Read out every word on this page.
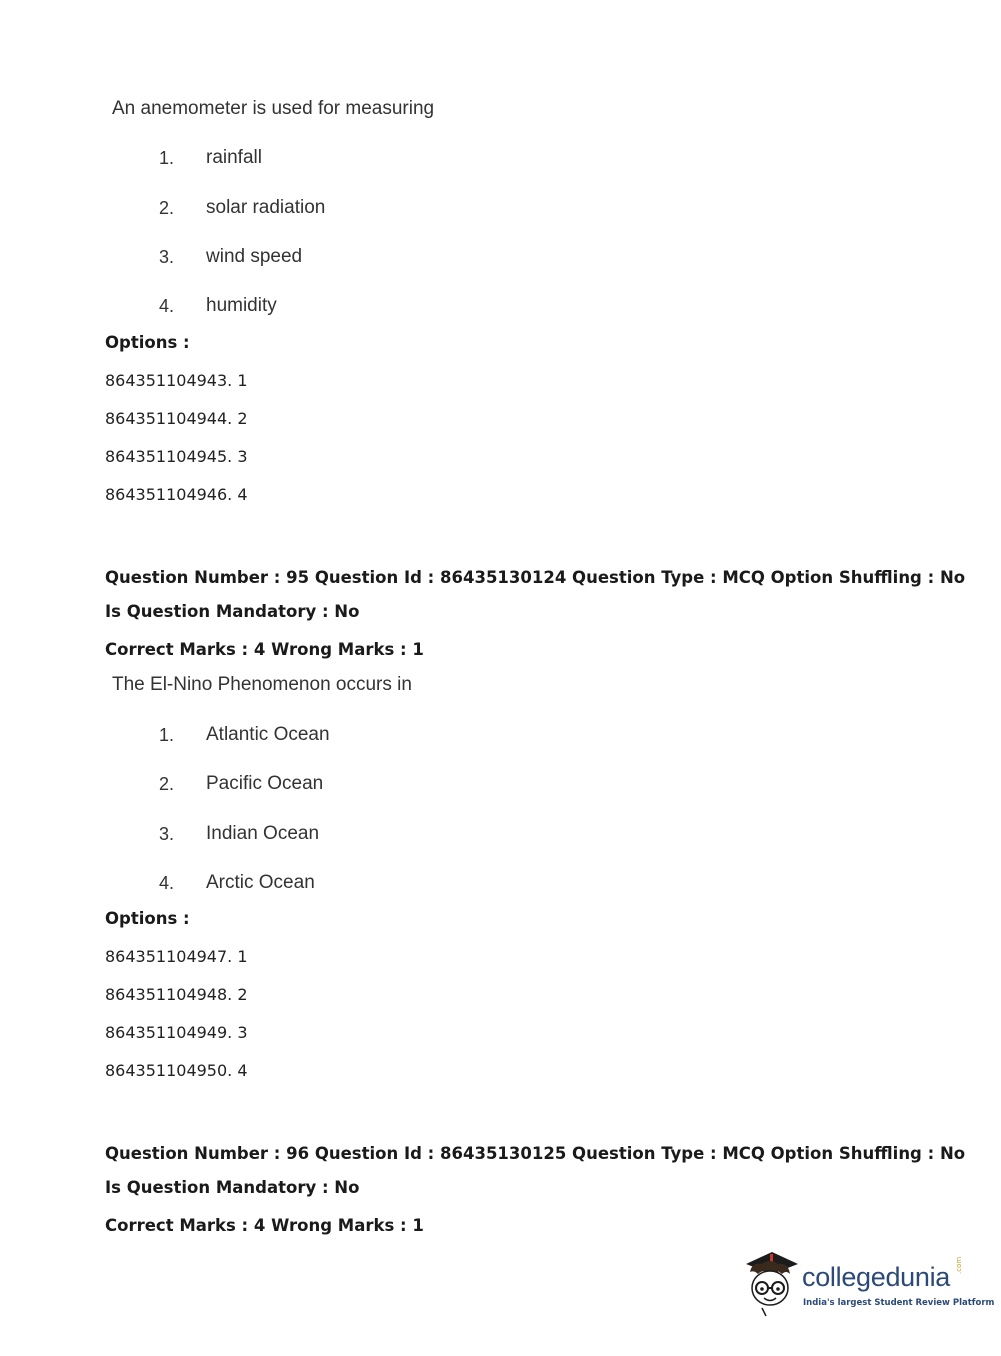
An anemometer is used for measuring
1. rainfall
2. solar radiation
3. wind speed
4. humidity
Options :
864351104943. 1
864351104944. 2
864351104945. 3
864351104946. 4
Question Number : 95 Question Id : 86435130124 Question Type : MCQ Option Shuffling : No
Is Question Mandatory : No
Correct Marks : 4 Wrong Marks : 1
The El-Nino Phenomenon occurs in
1. Atlantic Ocean
2. Pacific Ocean
3. Indian Ocean
4. Arctic Ocean
Options :
864351104947. 1
864351104948. 2
864351104949. 3
864351104950. 4
Question Number : 96 Question Id : 86435130125 Question Type : MCQ Option Shuffling : No
Is Question Mandatory : No
Correct Marks : 4 Wrong Marks : 1
collegedunia .com
India's largest Student Review Platform
